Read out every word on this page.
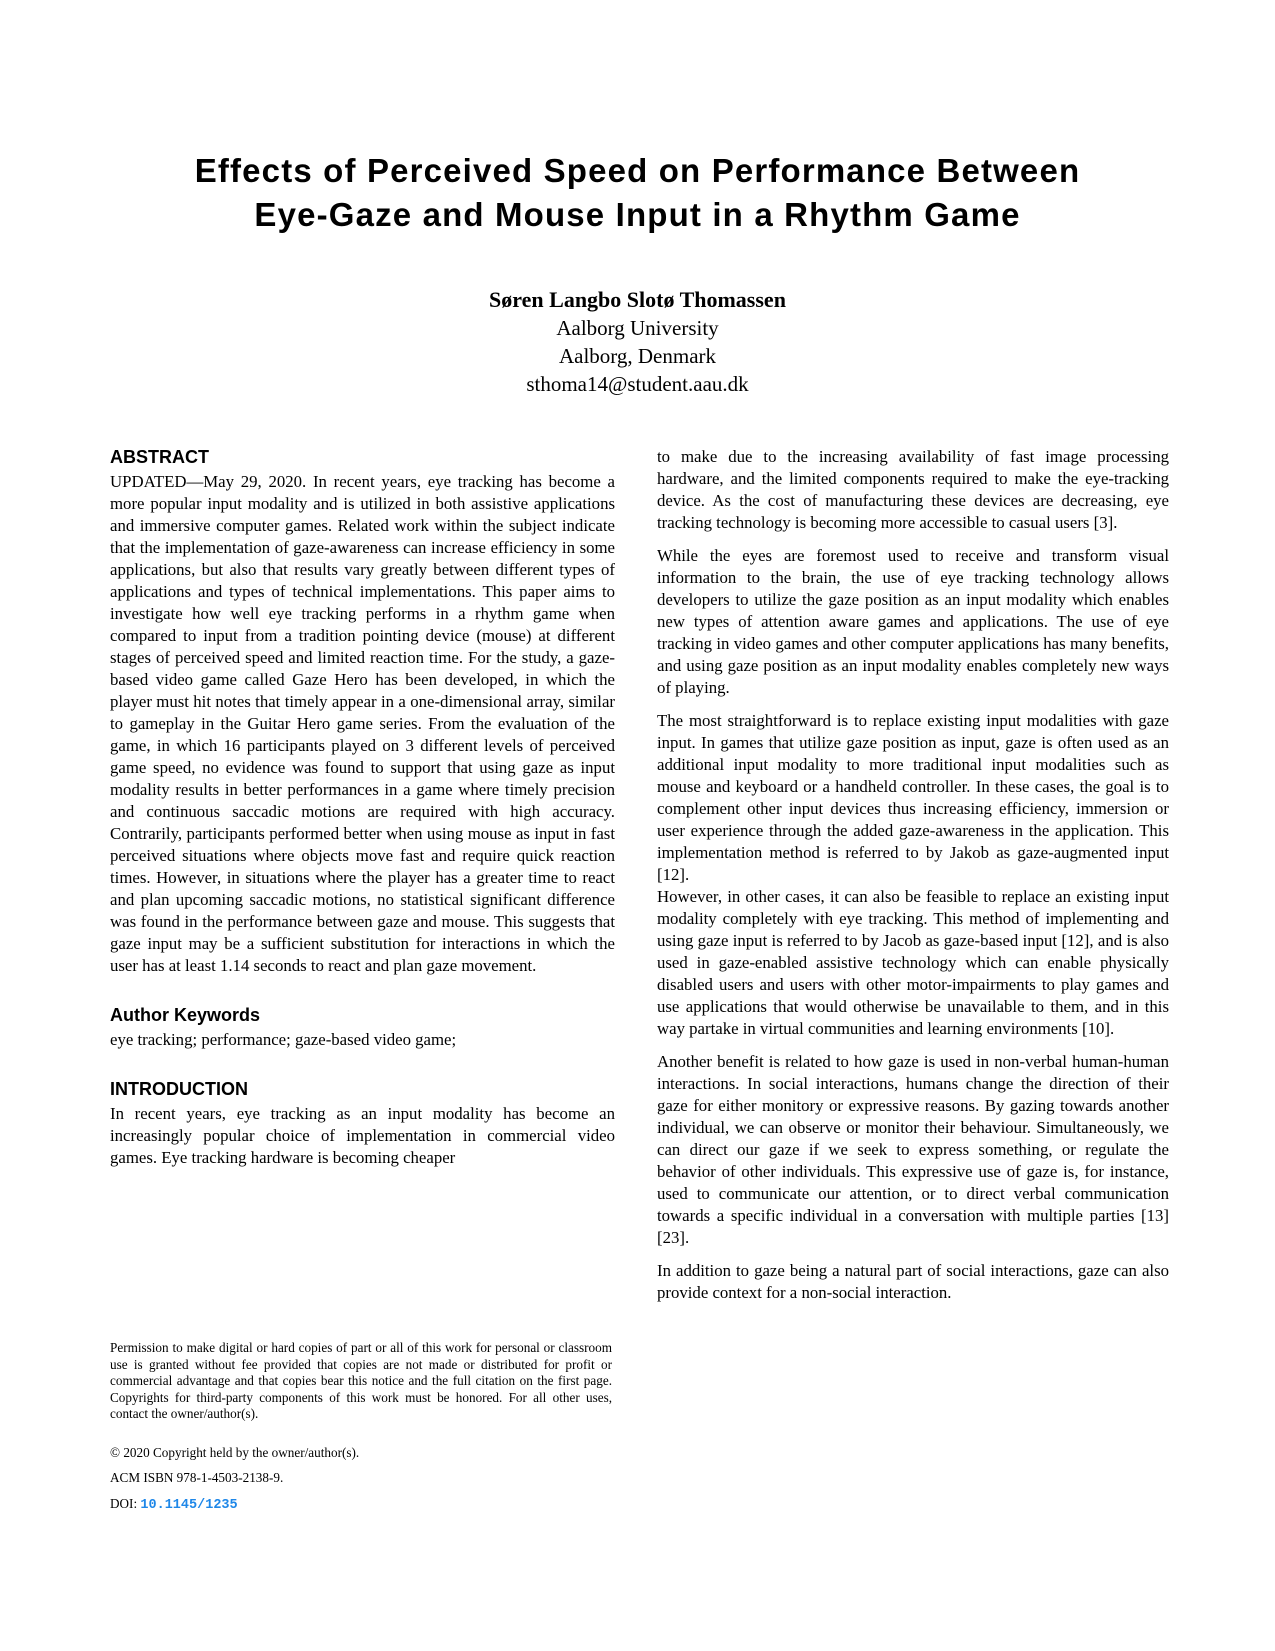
Effects of Perceived Speed on Performance Between Eye-Gaze and Mouse Input in a Rhythm Game
Søren Langbo Slotø Thomassen
Aalborg University
Aalborg, Denmark
sthoma14@student.aau.dk
ABSTRACT

UPDATED—May 29, 2020. In recent years, eye tracking has become a more popular input modality and is utilized in both assistive applications and immersive computer games. Related work within the subject indicate that the implementation of gaze-awareness can increase efficiency in some applications, but also that results vary greatly between different types of applications and types of technical implementations. This paper aims to investigate how well eye tracking performs in a rhythm game when compared to input from a tradition pointing device (mouse) at different stages of perceived speed and limited reaction time. For the study, a gaze-based video game called Gaze Hero has been developed, in which the player must hit notes that timely appear in a one-dimensional array, similar to gameplay in the Guitar Hero game series. From the evaluation of the game, in which 16 participants played on 3 different levels of perceived game speed, no evidence was found to support that using gaze as input modality results in better performances in a game where timely precision and continuous saccadic motions are required with high accuracy. Contrarily, participants performed better when using mouse as input in fast perceived situations where objects move fast and require quick reaction times. However, in situations where the player has a greater time to react and plan upcoming saccadic motions, no statistical significant difference was found in the performance between gaze and mouse. This suggests that gaze input may be a sufficient substitution for interactions in which the user has at least 1.14 seconds to react and plan gaze movement.

Author Keywords

eye tracking; performance; gaze-based video game;

INTRODUCTION

In recent years, eye tracking as an input modality has become an increasingly popular choice of implementation in commercial video games. Eye tracking hardware is becoming cheaper

to make due to the increasing availability of fast image processing hardware, and the limited components required to make the eye-tracking device. As the cost of manufacturing these devices are decreasing, eye tracking technology is becoming more accessible to casual users [3].

While the eyes are foremost used to receive and transform visual information to the brain, the use of eye tracking technology allows developers to utilize the gaze position as an input modality which enables new types of attention aware games and applications. The use of eye tracking in video games and other computer applications has many benefits, and using gaze position as an input modality enables completely new ways of playing.

The most straightforward is to replace existing input modalities with gaze input. In games that utilize gaze position as input, gaze is often used as an additional input modality to more traditional input modalities such as mouse and keyboard or a handheld controller. In these cases, the goal is to complement other input devices thus increasing efficiency, immersion or user experience through the added gaze-awareness in the application. This implementation method is referred to by Jakob as gaze-augmented input [12].

However, in other cases, it can also be feasible to replace an existing input modality completely with eye tracking. This method of implementing and using gaze input is referred to by Jacob as gaze-based input [12], and is also used in gaze-enabled assistive technology which can enable physically disabled users and users with other motor-impairments to play games and use applications that would otherwise be unavailable to them, and in this way partake in virtual communities and learning environments [10].

Another benefit is related to how gaze is used in non-verbal human-human interactions. In social interactions, humans change the direction of their gaze for either monitory or expressive reasons. By gazing towards another individual, we can observe or monitor their behaviour. Simultaneously, we can direct our gaze if we seek to express something, or regulate the behavior of other individuals. This expressive use of gaze is, for instance, used to communicate our attention, or to direct verbal communication towards a specific individual in a conversation with multiple parties [13][23].

In addition to gaze being a natural part of social interactions, gaze can also provide context for a non-social interaction.

Permission to make digital or hard copies of part or all of this work for personal or classroom use is granted without fee provided that copies are not made or distributed for profit or commercial advantage and that copies bear this notice and the full citation on the first page. Copyrights for third-party components of this work must be honored. For all other uses, contact the owner/author(s).
© 2020 Copyright held by the owner/author(s).
ACM ISBN 978-1-4503-2138-9.
DOI: 10.1145/1235
